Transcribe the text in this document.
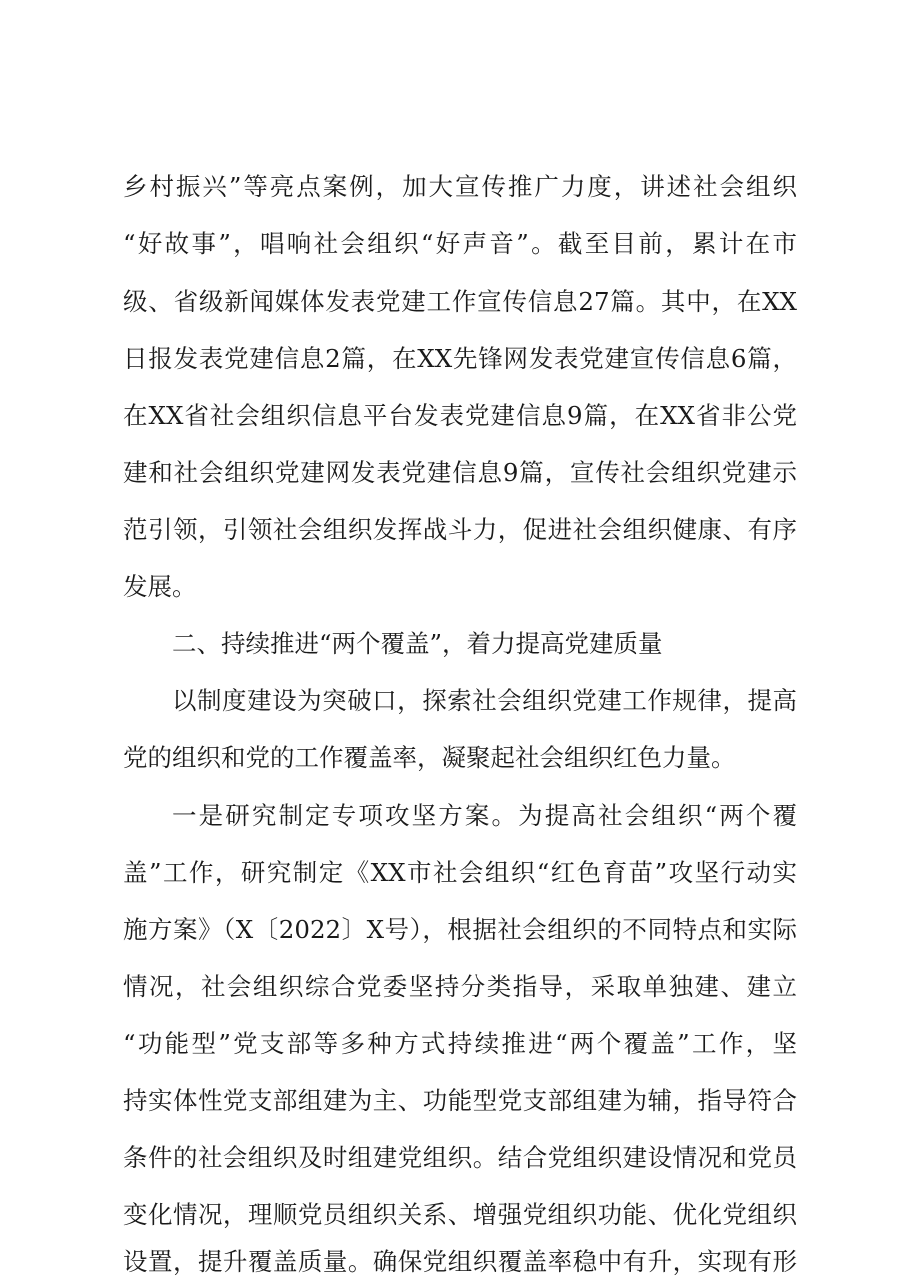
乡村振兴”等亮点案例，加大宣传推广力度，讲述社会组织
“好故事”，唱响社会组织“好声音”。截至目前，累计在市
级、省级新闻媒体发表党建工作宣传信息27篇。其中，在XX
日报发表党建信息2篇，在XX先锋网发表党建宣传信息6篇，
在XX省社会组织信息平台发表党建信息9篇，在XX省非公党
建和社会组织党建网发表党建信息9篇，宣传社会组织党建示
范引领，引领社会组织发挥战斗力，促进社会组织健康、有序
发展。
二、持续推进“两个覆盖”，着力提高党建质量
以制度建设为突破口，探索社会组织党建工作规律，提高
党的组织和党的工作覆盖率，凝聚起社会组织红色力量。
一是研究制定专项攻坚方案。为提高社会组织“两个覆
盖”工作，研究制定《XX市社会组织“红色育苗”攻坚行动实
施方案》（X〔2022〕X号），根据社会组织的不同特点和实际
情况，社会组织综合党委坚持分类指导，采取单独建、建立
“功能型”党支部等多种方式持续推进“两个覆盖”工作，坚
持实体性党支部组建为主、功能型党支部组建为辅，指导符合
条件的社会组织及时组建党组织。结合党组织建设情况和党员
变化情况，理顺党员组织关系、增强党组织功能、优化党组织
设置，提升覆盖质量。确保党组织覆盖率稳中有升，实现有形
